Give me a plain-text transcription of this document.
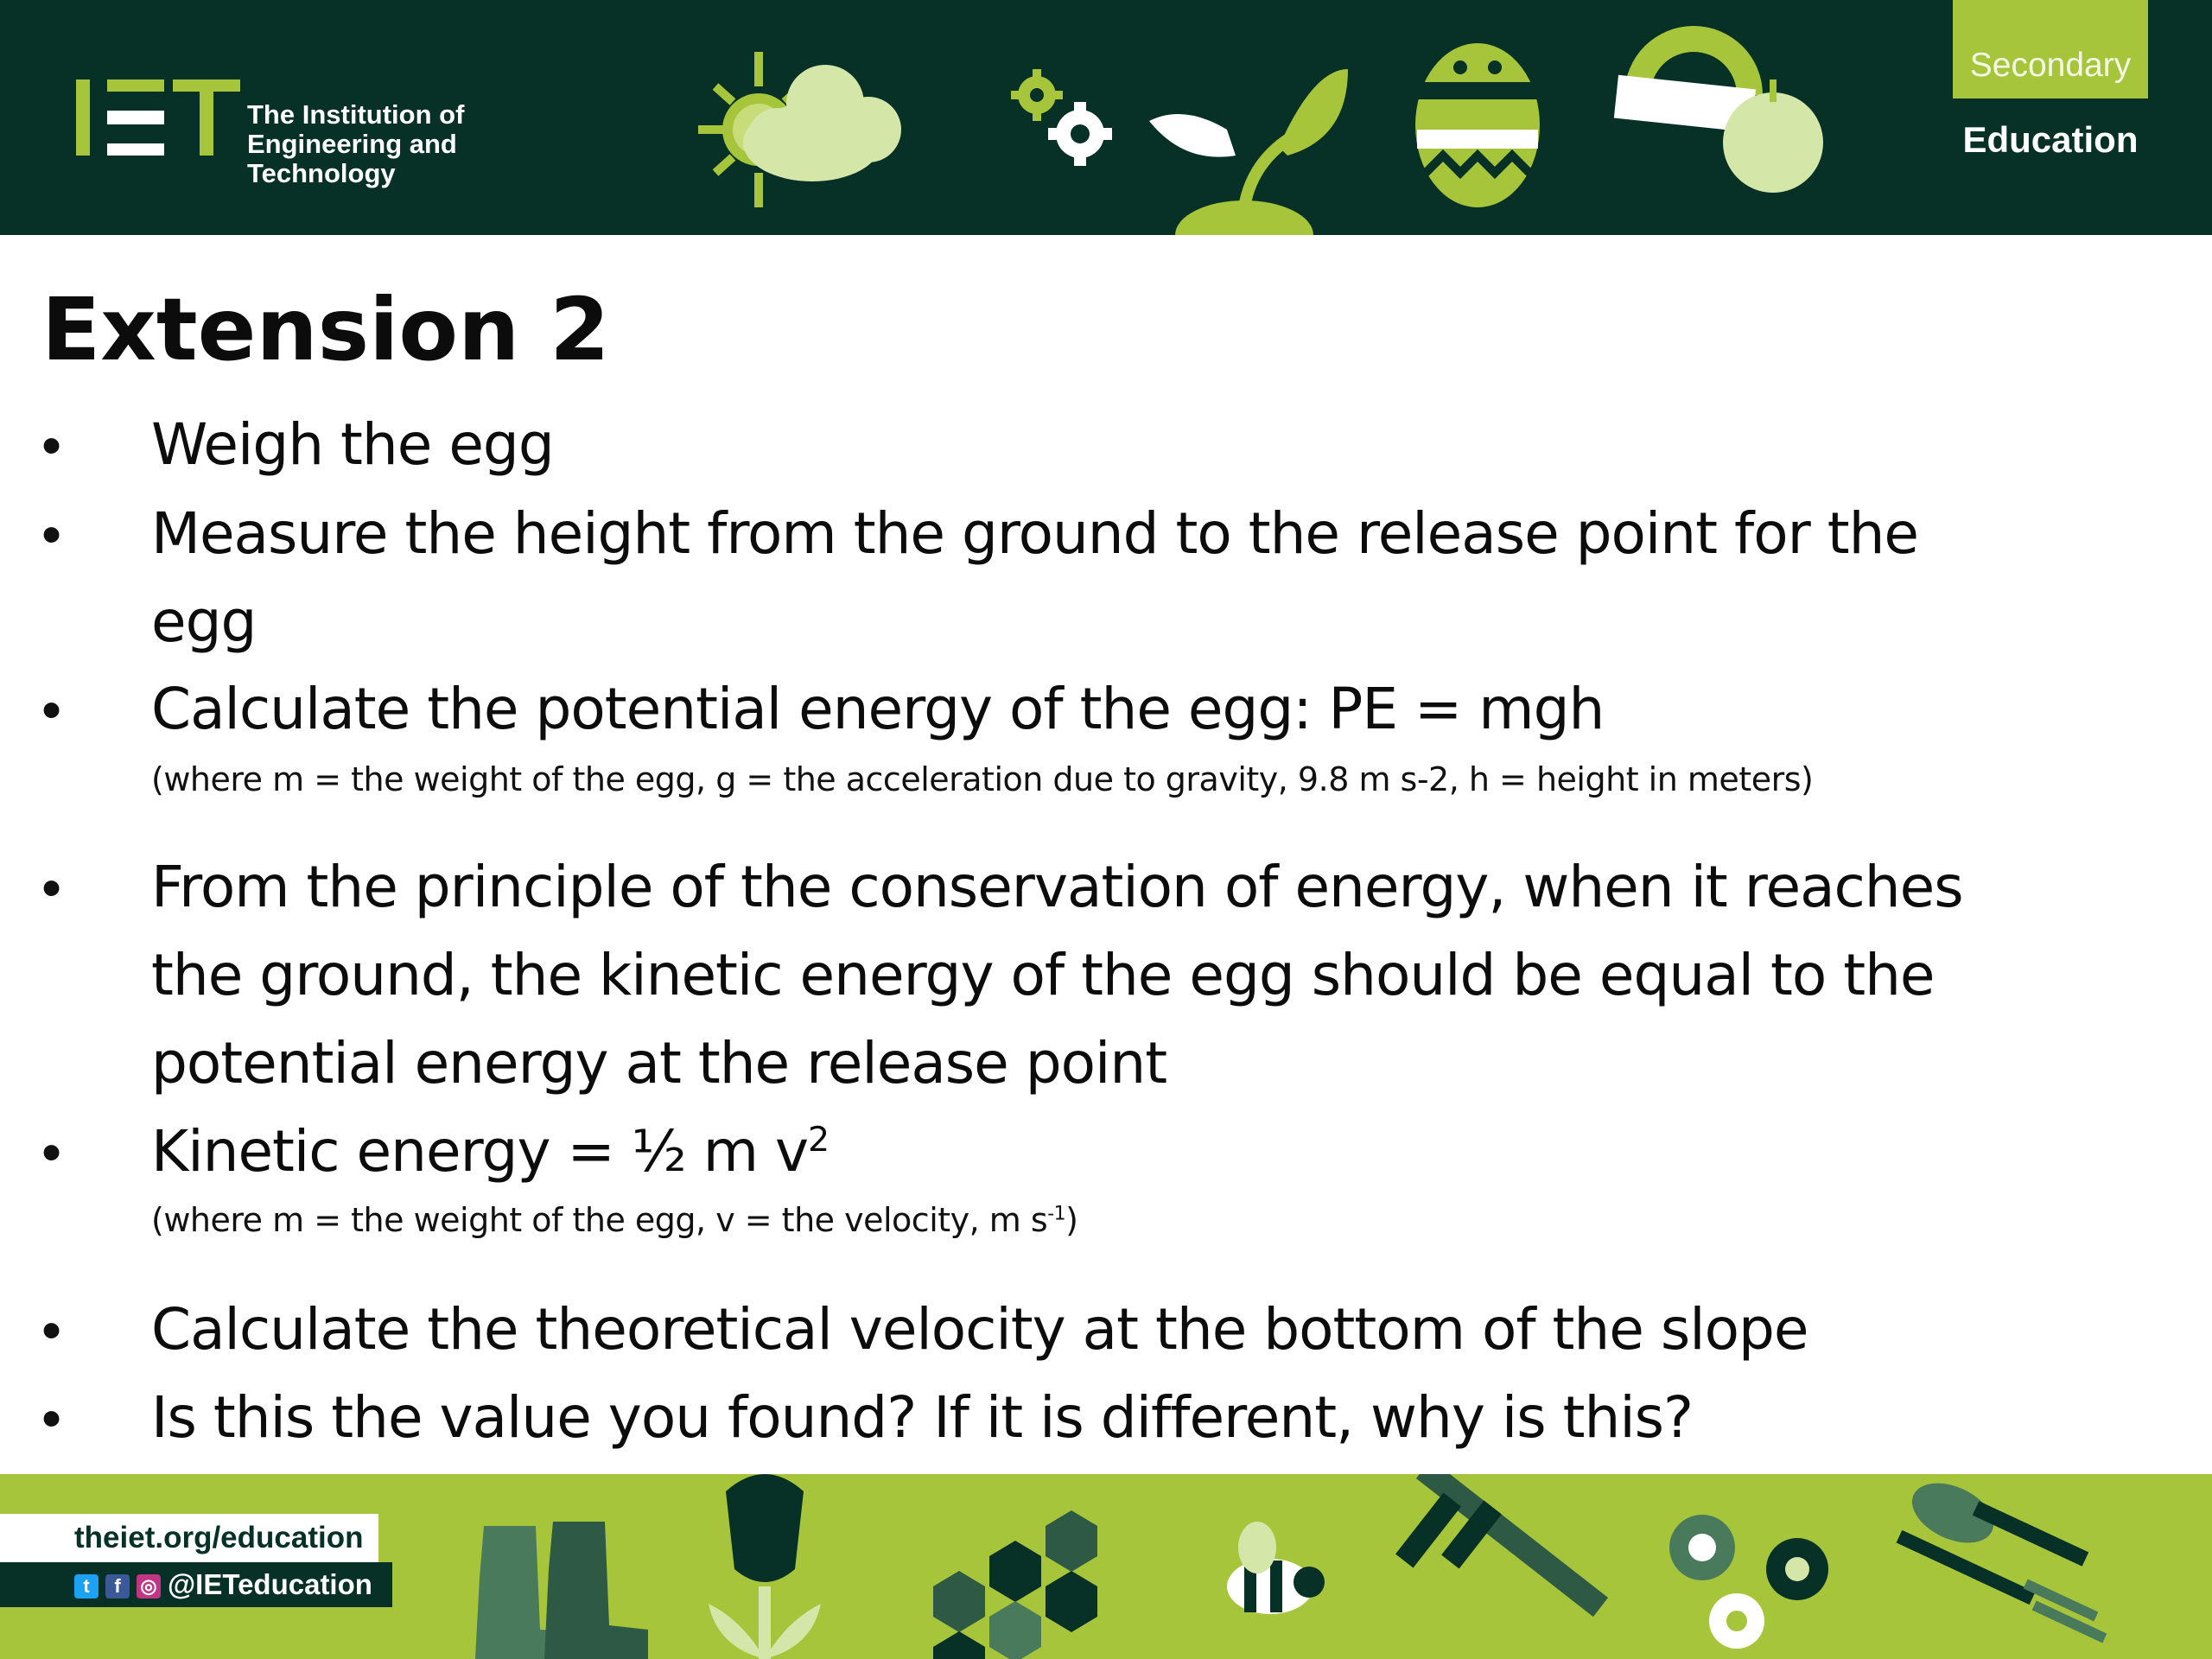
The Institution of
Engineering and Technology
Secondary
Education
Extension 2
• Weigh the egg
• Measure the height from the ground to the release point for the
egg
• Calculate the potential energy of the egg: PE = mgh
(where m = the weight of the egg, g = the acceleration due to gravity, 9.8 m s-2, h = height in meters)
• From the principle of the conservation of energy, when it reaches
the ground, the kinetic energy of the egg should be equal to the
potential energy at the release point
• Kinetic energy = ½ m $v^2$
(where m = the weight of the egg, v = the velocity, m $s^{-1}$)
• Calculate the theoretical velocity at the bottom of the slope
• Is this the value you found? If it is different, why is this?
theiet.org/education
t f ◎ @IETeducation
